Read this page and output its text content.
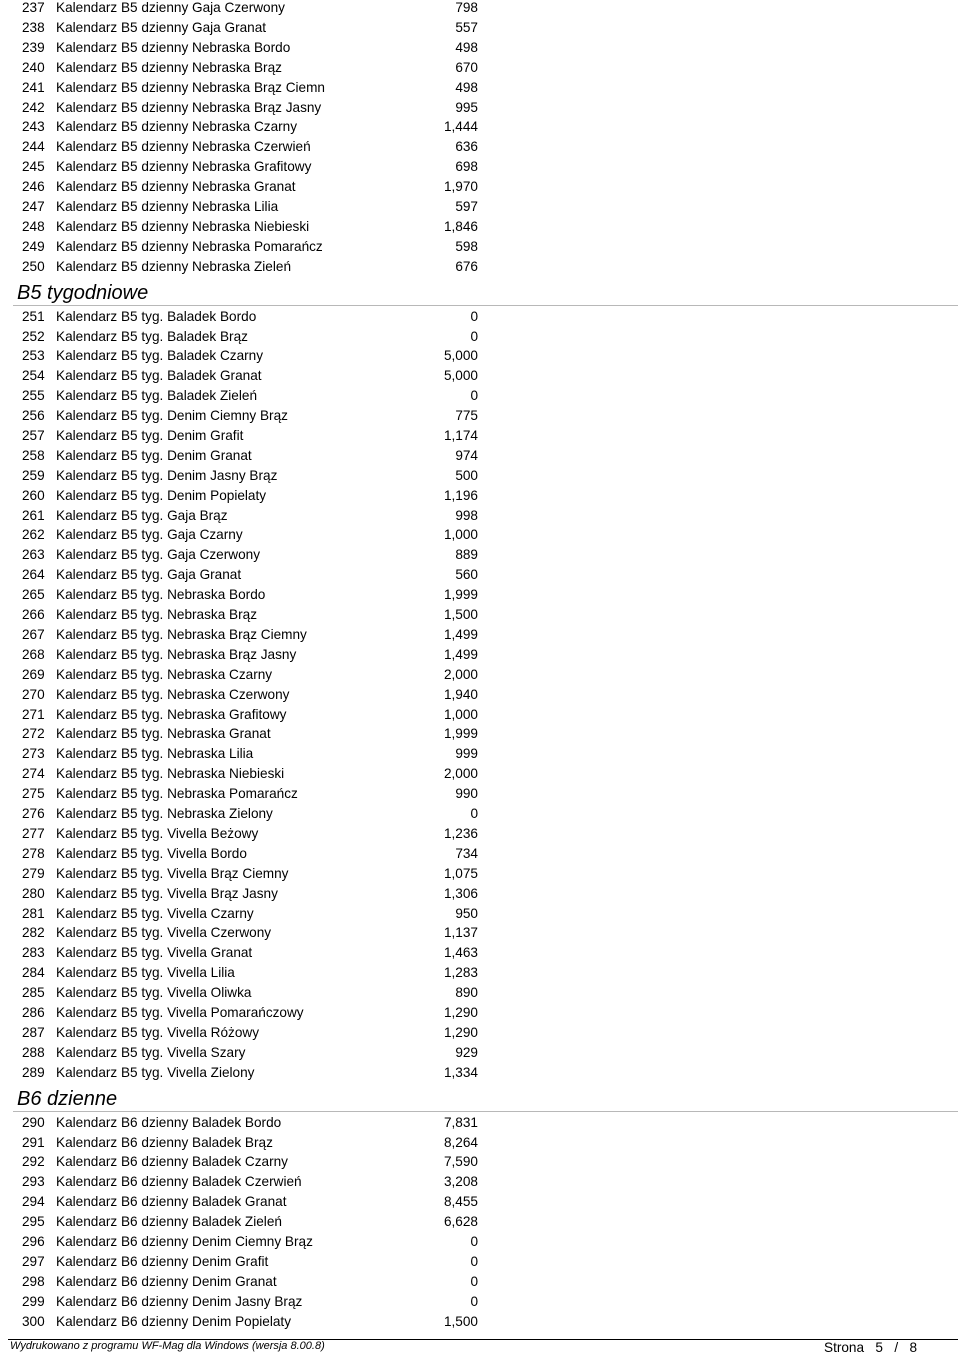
237 Kalendarz B5 dzienny Gaja Czerwony	798
238 Kalendarz B5 dzienny Gaja Granat	557
239 Kalendarz B5 dzienny Nebraska Bordo	498
240 Kalendarz B5 dzienny Nebraska Brąz	670
241 Kalendarz B5 dzienny Nebraska Brąz Ciemn	498
242 Kalendarz B5 dzienny Nebraska Brąz Jasny	995
243 Kalendarz B5 dzienny Nebraska Czarny	1,444
244 Kalendarz B5 dzienny Nebraska Czerwień	636
245 Kalendarz B5 dzienny Nebraska Grafitowy	698
246 Kalendarz B5 dzienny Nebraska Granat	1,970
247 Kalendarz B5 dzienny Nebraska Lilia	597
248 Kalendarz B5 dzienny Nebraska Niebieski	1,846
249 Kalendarz B5 dzienny Nebraska Pomarańcz	598
250 Kalendarz B5 dzienny Nebraska Zieleń	676
B5 tygodniowe
251 Kalendarz B5 tyg. Baladek Bordo	0
252 Kalendarz B5 tyg. Baladek Brąz	0
253 Kalendarz B5 tyg. Baladek Czarny	5,000
254 Kalendarz B5 tyg. Baladek Granat	5,000
255 Kalendarz B5 tyg. Baladek Zieleń	0
256 Kalendarz B5 tyg. Denim Ciemny Brąz	775
257 Kalendarz B5 tyg. Denim Grafit	1,174
258 Kalendarz B5 tyg. Denim Granat	974
259 Kalendarz B5 tyg. Denim Jasny Brąz	500
260 Kalendarz B5 tyg. Denim Popielaty	1,196
261 Kalendarz B5 tyg. Gaja Brąz	998
262 Kalendarz B5 tyg. Gaja Czarny	1,000
263 Kalendarz B5 tyg. Gaja Czerwony	889
264 Kalendarz B5 tyg. Gaja Granat	560
265 Kalendarz B5 tyg. Nebraska Bordo	1,999
266 Kalendarz B5 tyg. Nebraska Brąz	1,500
267 Kalendarz B5 tyg. Nebraska Brąz Ciemny	1,499
268 Kalendarz B5 tyg. Nebraska Brąz Jasny	1,499
269 Kalendarz B5 tyg. Nebraska Czarny	2,000
270 Kalendarz B5 tyg. Nebraska Czerwony	1,940
271 Kalendarz B5 tyg. Nebraska Grafitowy	1,000
272 Kalendarz B5 tyg. Nebraska Granat	1,999
273 Kalendarz B5 tyg. Nebraska Lilia	999
274 Kalendarz B5 tyg. Nebraska Niebieski	2,000
275 Kalendarz B5 tyg. Nebraska Pomarańcz	990
276 Kalendarz B5 tyg. Nebraska Zielony	0
277 Kalendarz B5 tyg. Vivella Beżowy	1,236
278 Kalendarz B5 tyg. Vivella Bordo	734
279 Kalendarz B5 tyg. Vivella Brąz Ciemny	1,075
280 Kalendarz B5 tyg. Vivella Brąz Jasny	1,306
281 Kalendarz B5 tyg. Vivella Czarny	950
282 Kalendarz B5 tyg. Vivella Czerwony	1,137
283 Kalendarz B5 tyg. Vivella Granat	1,463
284 Kalendarz B5 tyg. Vivella Lilia	1,283
285 Kalendarz B5 tyg. Vivella Oliwka	890
286 Kalendarz B5 tyg. Vivella Pomarańczowy	1,290
287 Kalendarz B5 tyg. Vivella Różowy	1,290
288 Kalendarz B5 tyg. Vivella Szary	929
289 Kalendarz B5 tyg. Vivella Zielony	1,334
B6 dzienne
290 Kalendarz B6 dzienny Baladek Bordo	7,831
291 Kalendarz B6 dzienny Baladek Brąz	8,264
292 Kalendarz B6 dzienny Baladek Czarny	7,590
293 Kalendarz B6 dzienny Baladek Czerwień	3,208
294 Kalendarz B6 dzienny Baladek Granat	8,455
295 Kalendarz B6 dzienny Baladek Zieleń	6,628
296 Kalendarz B6 dzienny Denim Ciemny Brąz	0
297 Kalendarz B6 dzienny Denim Grafit	0
298 Kalendarz B6 dzienny Denim Granat	0
299 Kalendarz B6 dzienny Denim Jasny Brąz	0
300 Kalendarz B6 dzienny Denim Popielaty	1,500
Wydrukowano z programu WF-Mag dla Windows (wersja 8.00.8)	Strona 5 / 8
